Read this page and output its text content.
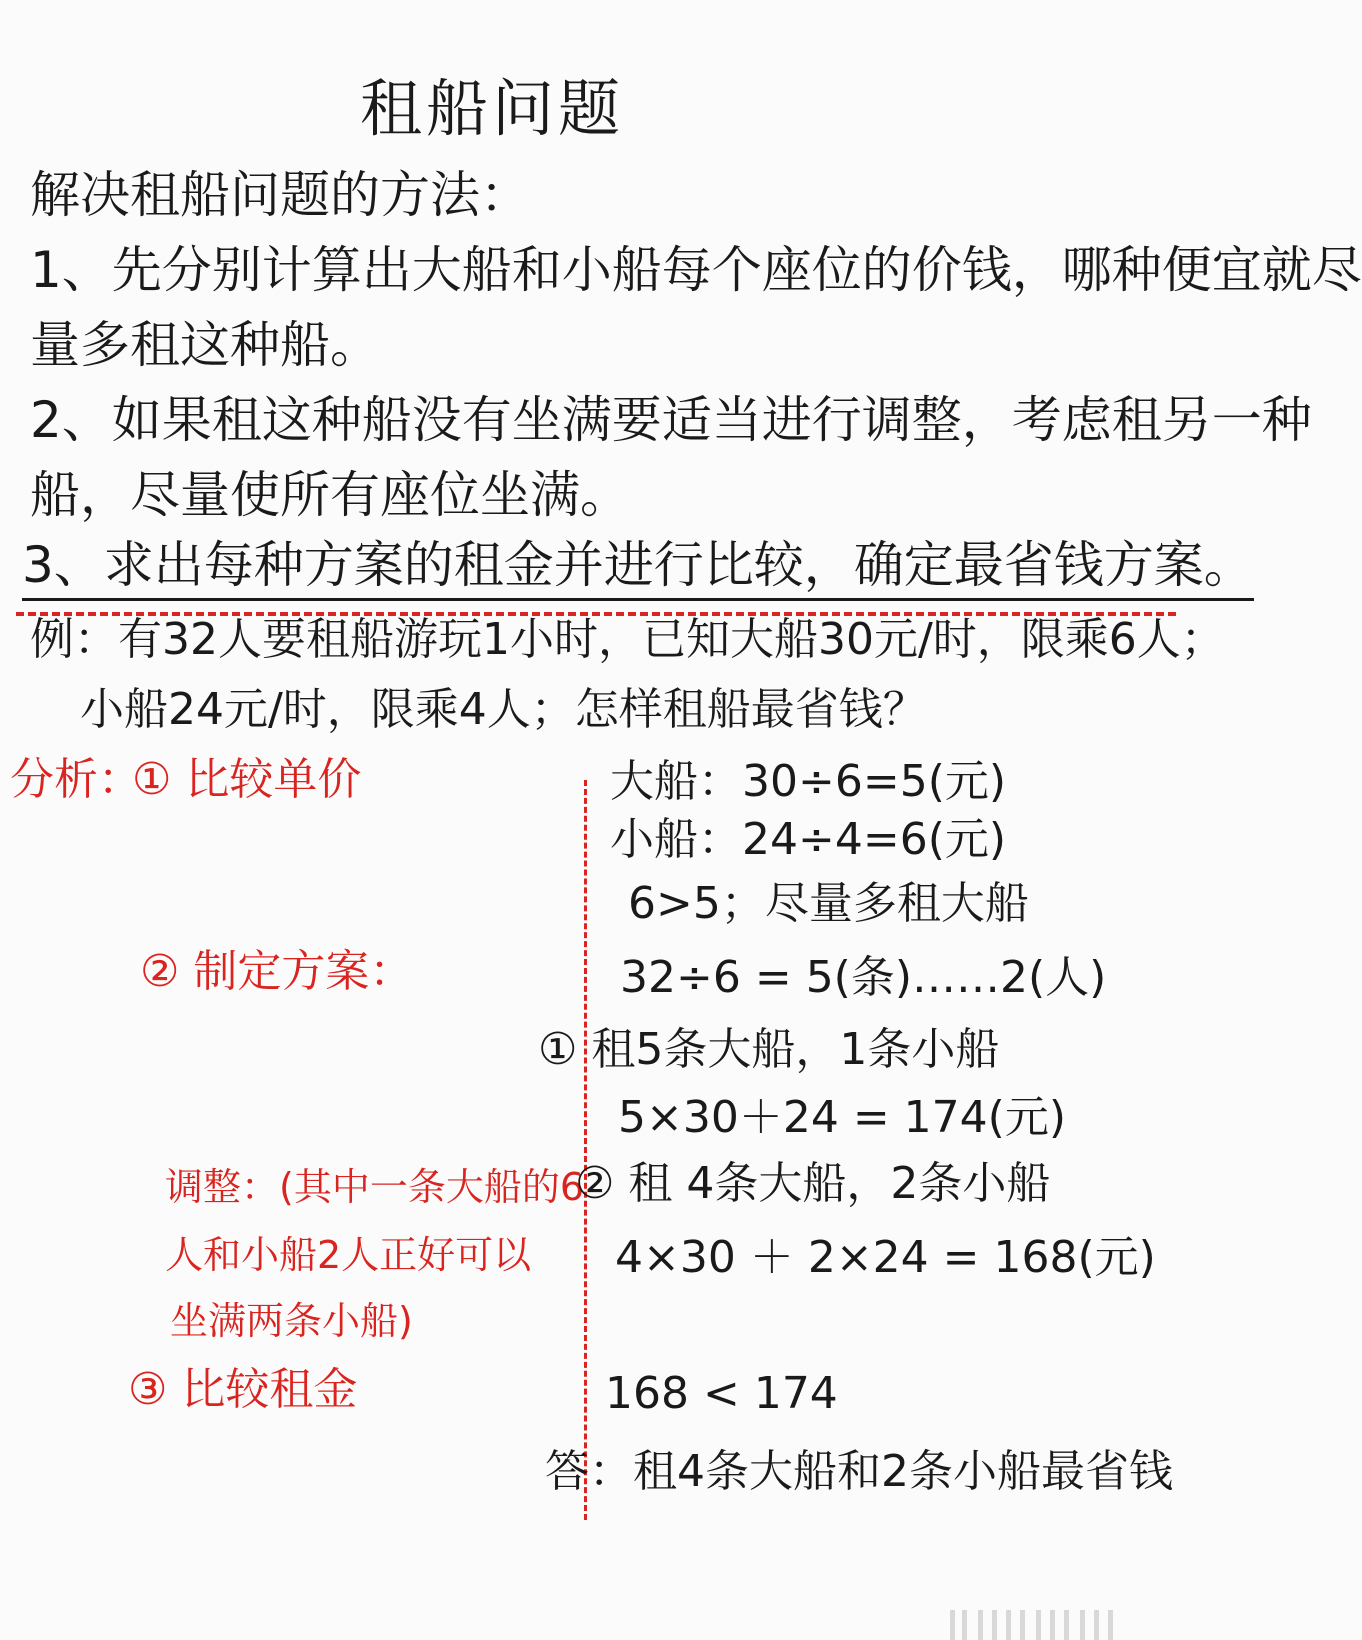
租船问题
解决租船问题的方法：
1、先分别计算出大船和小船每个座位的价钱，哪种便宜就尽
量多租这种船。
2、如果租这种船没有坐满要适当进行调整，考虑租另一种
船，尽量使所有座位坐满。
3、求出每种方案的租金并进行比较，确定最省钱方案。
例：有32人要租船游玩1小时，已知大船30元/时，限乘6人；
小船24元/时，限乘4人；怎样租船最省钱？
分析：
① 比较单价
② 制定方案：
调整：(其中一条大船的6
人和小船2人正好可以
坐满两条小船)
③ 比较租金
大船：30÷6=5(元)
小船：24÷4=6(元)
6>5；尽量多租大船
32÷6 = 5(条)……2(人)
① 租5条大船，1条小船
5×30＋24 = 174(元)
② 租 4条大船，2条小船
4×30 ＋ 2×24 = 168(元)
168 < 174
答：租4条大船和2条小船最省钱
